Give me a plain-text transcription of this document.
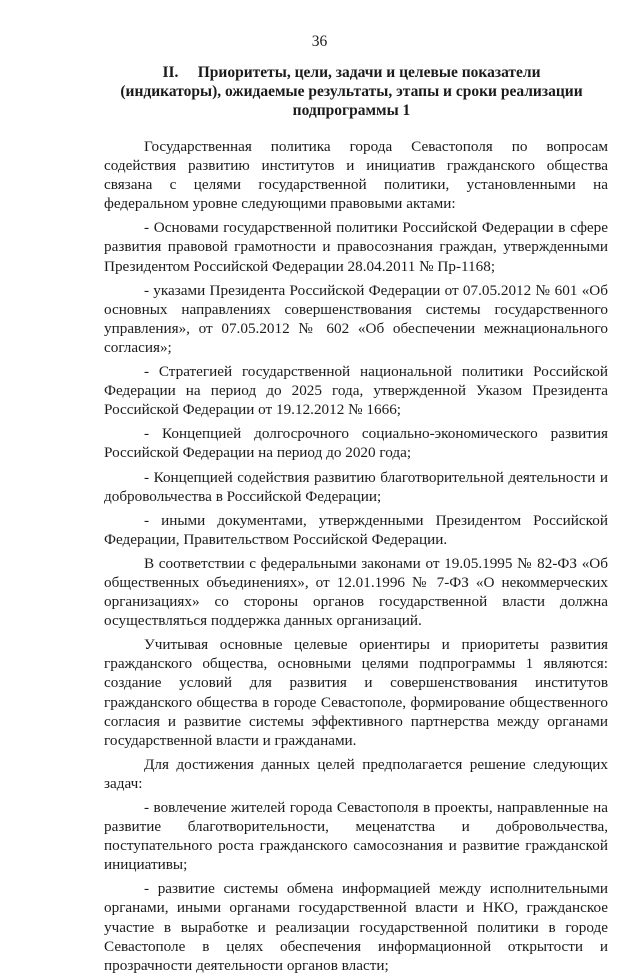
36
II.     Приоритеты, цели, задачи и целевые показатели
(индикаторы), ожидаемые результаты, этапы и сроки реализации
подпрограммы 1

Государственная политика города Севастополя по вопросам содействия развитию институтов и инициатив гражданского общества связана с целями государственной политики, установленными на федеральном уровне следующими правовыми актами:

- Основами государственной политики Российской Федерации в сфере развития правовой грамотности и правосознания граждан, утвержденными Президентом Российской Федерации 28.04.2011 № Пр-1168;

- указами Президента Российской Федерации от 07.05.2012 № 601 «Об основных направлениях совершенствования системы государственного управления», от 07.05.2012 № 602 «Об обеспечении межнационального согласия»;

- Стратегией государственной национальной политики Российской Федерации на период до 2025 года, утвержденной Указом Президента Российской Федерации от 19.12.2012 № 1666;

- Концепцией долгосрочного социально-экономического развития Российской Федерации на период до 2020 года;

- Концепцией содействия развитию благотворительной деятельности и добровольчества в Российской Федерации;

- иными документами, утвержденными Президентом Российской Федерации, Правительством Российской Федерации.

В соответствии с федеральными законами от 19.05.1995 № 82-ФЗ «Об общественных объединениях», от 12.01.1996 № 7-ФЗ «О некоммерческих организациях» со стороны органов государственной власти должна осуществляться поддержка данных организаций.

Учитывая основные целевые ориентиры и приоритеты развития гражданского общества, основными целями подпрограммы 1 являются: создание условий для развития и совершенствования институтов гражданского общества в городе Севастополе, формирование общественного согласия и развитие системы эффективного партнерства между органами государственной власти и гражданами.

Для достижения данных целей предполагается решение следующих задач:

- вовлечение жителей города Севастополя в проекты, направленные на развитие благотворительности, меценатства и добровольчества, поступательного роста гражданского самосознания и развитие гражданской инициативы;

- развитие системы обмена информацией между исполнительными органами, иными органами государственной власти и НКО, гражданское участие в выработке и реализации государственной политики в городе Севастополе в целях обеспечения информационной открытости и прозрачности деятельности органов власти;
